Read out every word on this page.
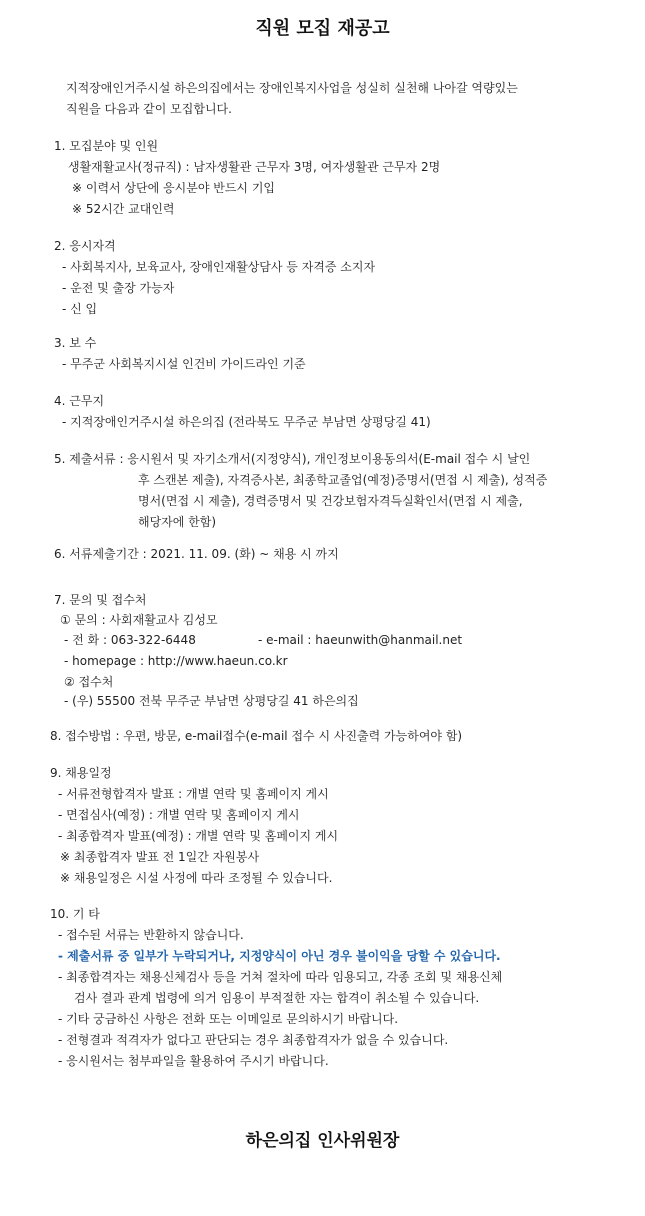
직원 모집 재공고
지적장애인거주시설 하은의집에서는 장애인복지사업을 성실히 실천해 나아갈 역량있는
직원을 다음과 같이 모집합니다.
1. 모집분야 및 인원
생활재활교사(정규직) : 남자생활관 근무자 3명, 여자생활관 근무자 2명
※ 이력서 상단에 응시분야 반드시 기입
※ 52시간 교대인력
2. 응시자격
- 사회복지사, 보육교사, 장애인재활상담사 등 자격증 소지자
- 운전 및 출장 가능자
- 신 입
3. 보 수
- 무주군 사회복지시설 인건비 가이드라인 기준
4. 근무지
- 지적장애인거주시설 하은의집 (전라북도 무주군 부남면 상평당길 41)
5. 제출서류 : 응시원서 및 자기소개서(지정양식), 개인정보이용동의서(E-mail 접수 시 날인
후 스캔본 제출), 자격증사본, 최종학교졸업(예정)증명서(면접 시 제출), 성적증
명서(면접 시 제출), 경력증명서 및 건강보험자격득실확인서(면접 시 제출,
해당자에 한함)
6. 서류제출기간 : 2021. 11. 09. (화) ~ 채용 시 까지
7. 문의 및 접수처
① 문의 : 사회재활교사 김성모
- 전 화 : 063-322-6448	- e-mail : haeunwith@hanmail.net
- homepage : http://www.haeun.co.kr
② 접수처
- (우) 55500 전북 무주군 부남면 상평당길 41 하은의집
8. 접수방법 : 우편, 방문, e-mail접수(e-mail 접수 시 사진출력 가능하여야 함)
9. 채용일정
- 서류전형합격자 발표 : 개별 연락 및 홈페이지 게시
- 면접심사(예정) : 개별 연락 및 홈페이지 게시
- 최종합격자 발표(예정) : 개별 연락 및 홈페이지 게시
※ 최종합격자 발표 전 1일간 자원봉사
※ 채용일정은 시설 사정에 따라 조정될 수 있습니다.
10. 기 타
- 접수된 서류는 반환하지 않습니다.
- 제출서류 중 일부가 누락되거나, 지정양식이 아닌 경우 불이익을 당할 수 있습니다.
- 최종합격자는 채용신체검사 등을 거쳐 절차에 따라 임용되고, 각종 조회 및 채용신체
검사 결과 관계 법령에 의거 임용이 부적절한 자는 합격이 취소될 수 있습니다.
- 기타 궁금하신 사항은 전화 또는 이메일로 문의하시기 바랍니다.
- 전형결과 적격자가 없다고 판단되는 경우 최종합격자가 없을 수 있습니다.
- 응시원서는 첨부파일을 활용하여 주시기 바랍니다.
하은의집 인사위원장
